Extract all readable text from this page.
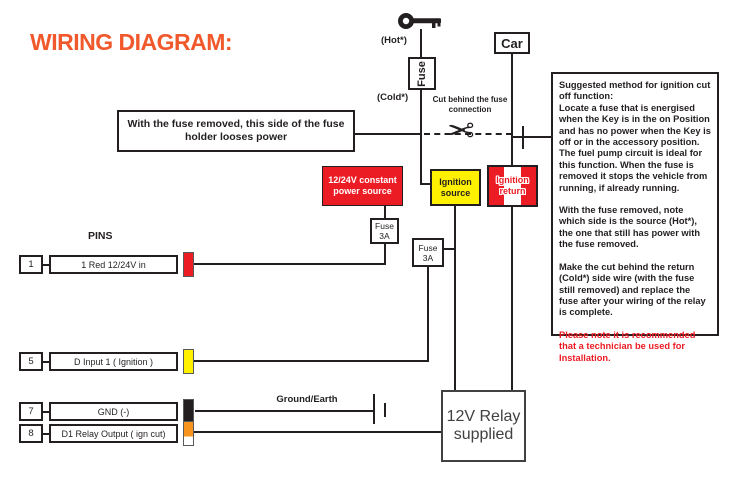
WIRING DIAGRAM:	(Hot*)
(Cold*)
Fuse
Car
Cut behind the fuse connection
✂
With the fuse removed, this side of the fuse holder looses power
12/24V constant power source
Ignition source
Ignition
return
Fuse 3A
Fuse 3A
12V Relay supplied

Suggested method for ignition cut off function:

Locate a fuse that is energised when the Key is in the on Position and has no power when the Key is off or in the accessory position. The fuel pump circuit is ideal for this function. When the fuse is removed it stops the vehicle from running, if already running.

With the fuse removed, note which side is the source (Hot*), the one that still has power with the fuse removed.

Make the cut behind the return (Cold*) side wire (with the fuse still removed) and replace the fuse after your wiring of the relay is complete.

Please note it is recommended that a technician be used for Installation.

PINS
1	1 Red 12/24V in
5	D Input 1 ( Ignition )
7	GND (-)
8	D1 Relay Output ( ign cut)
Ground/Earth
